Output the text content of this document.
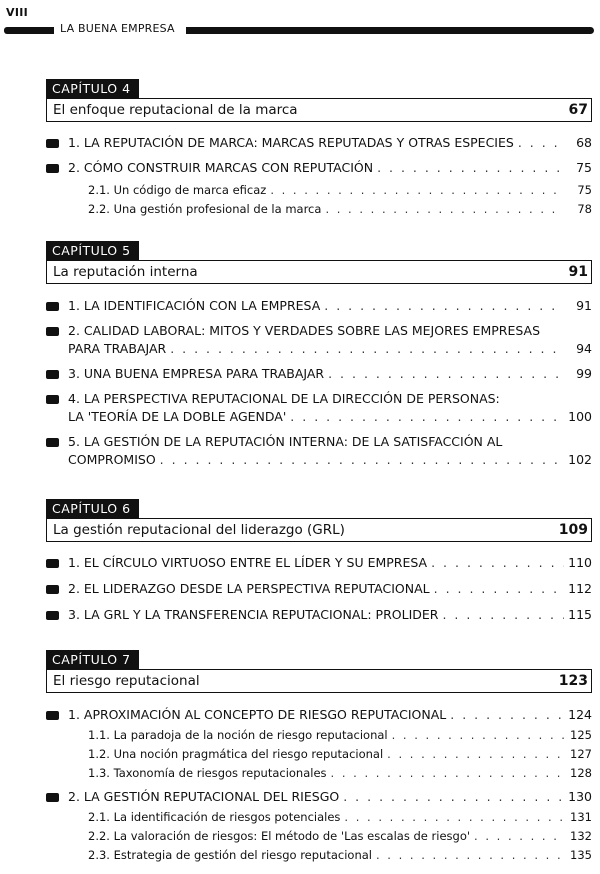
VIII
LA BUENA EMPRESA
CAPÍTULO 4
El enfoque reputacional de la marca	67
1. LA REPUTACIÓN DE MARCA: MARCAS REPUTADAS Y OTRAS ESPECIES . . .	68
2. CÓMO CONSTRUIR MARCAS CON REPUTACIÓN . . .	75
2.1. Un código de marca eficaz . . .	75
2.2. Una gestión profesional de la marca . . .	78
CAPÍTULO 5
La reputación interna	91
1. LA IDENTIFICACIÓN CON LA EMPRESA . . .	91
2. CALIDAD LABORAL: MITOS Y VERDADES SOBRE LAS MEJORES EMPRESAS
PARA TRABAJAR . . .	94
3. UNA BUENA EMPRESA PARA TRABAJAR . . .	99
4. LA PERSPECTIVA REPUTACIONAL DE LA DIRECCIÓN DE PERSONAS:
LA 'TEORÍA DE LA DOBLE AGENDA' . . .	100
5. LA GESTIÓN DE LA REPUTACIÓN INTERNA: DE LA SATISFACCIÓN AL
COMPROMISO . . .	102
CAPÍTULO 6
La gestión reputacional del liderazgo (GRL)	109
1. EL CÍRCULO VIRTUOSO ENTRE EL LÍDER Y SU EMPRESA . . .	110
2. EL LIDERAZGO DESDE LA PERSPECTIVA REPUTACIONAL . . .	112
3. LA GRL Y LA TRANSFERENCIA REPUTACIONAL: PROLIDER . . .	115
CAPÍTULO 7
El riesgo reputacional	123
1. APROXIMACIÓN AL CONCEPTO DE RIESGO REPUTACIONAL . . .	124
1.1. La paradoja de la noción de riesgo reputacional . . .	125
1.2. Una noción pragmática del riesgo reputacional . . .	127
1.3. Taxonomía de riesgos reputacionales . . .	128
2. LA GESTIÓN REPUTACIONAL DEL RIESGO . . .	130
2.1. La identificación de riesgos potenciales . . .	131
2.2. La valoración de riesgos: El método de 'Las escalas de riesgo' . . .	132
2.3. Estrategia de gestión del riesgo reputacional . . .	135
